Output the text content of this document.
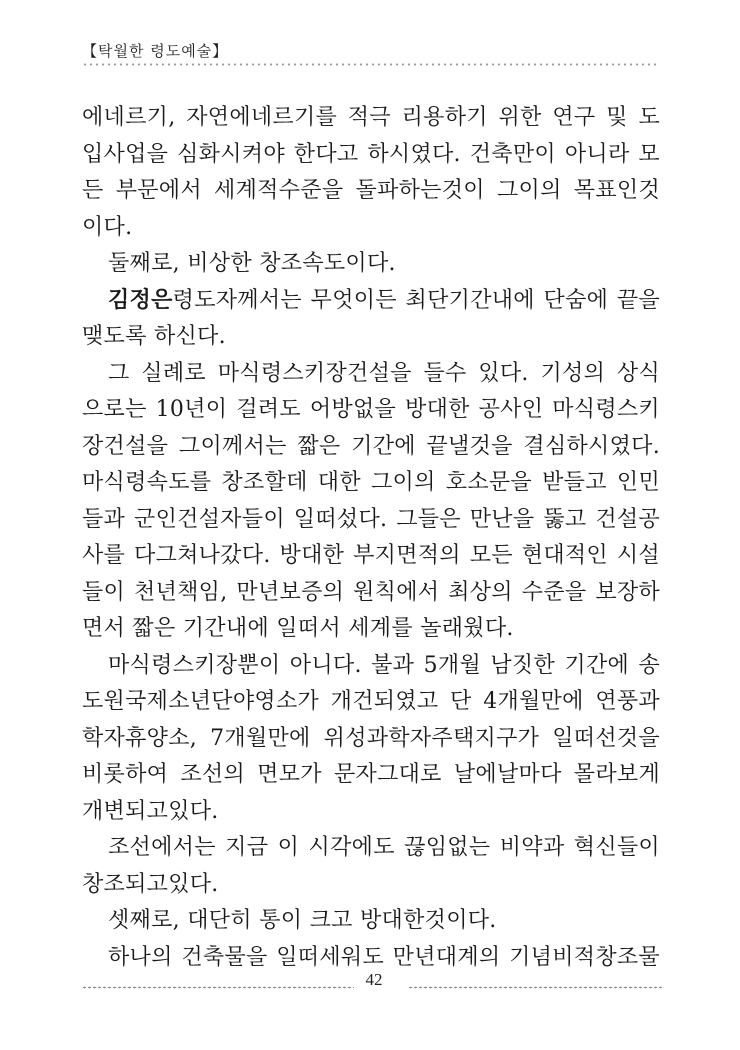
【탁월한 령도예술】
에네르기, 자연에네르기를 적극 리용하기 위한 연구 및 도
입사업을 심화시켜야 한다고 하시였다. 건축만이 아니라 모
든 부문에서 세계적수준을 돌파하는것이 그이의 목표인것
이다.
둘째로, 비상한 창조속도이다.
김정은령도자께서는 무엇이든 최단기간내에 단숨에 끝을
맺도록 하신다.
그 실례로 마식령스키장건설을 들수 있다. 기성의 상식
으로는 10년이 걸려도 어방없을 방대한 공사인 마식령스키
장건설을 그이께서는 짧은 기간에 끝낼것을 결심하시였다.
마식령속도를 창조할데 대한 그이의 호소문을 받들고 인민
들과 군인건설자들이 일떠섰다. 그들은 만난을 뚫고 건설공
사를 다그쳐나갔다. 방대한 부지면적의 모든 현대적인 시설
들이 천년책임, 만년보증의 원칙에서 최상의 수준을 보장하
면서 짧은 기간내에 일떠서 세계를 놀래웠다.
마식령스키장뿐이 아니다. 불과 5개월 남짓한 기간에 송
도원국제소년단야영소가 개건되였고 단 4개월만에 연풍과
학자휴양소, 7개월만에 위성과학자주택지구가 일떠선것을
비롯하여 조선의 면모가 문자그대로 날에날마다 몰라보게
개변되고있다.
조선에서는 지금 이 시각에도 끊임없는 비약과 혁신들이
창조되고있다.
셋째로, 대단히 통이 크고 방대한것이다.
하나의 건축물을 일떠세워도 만년대계의 기념비적창조물
42
